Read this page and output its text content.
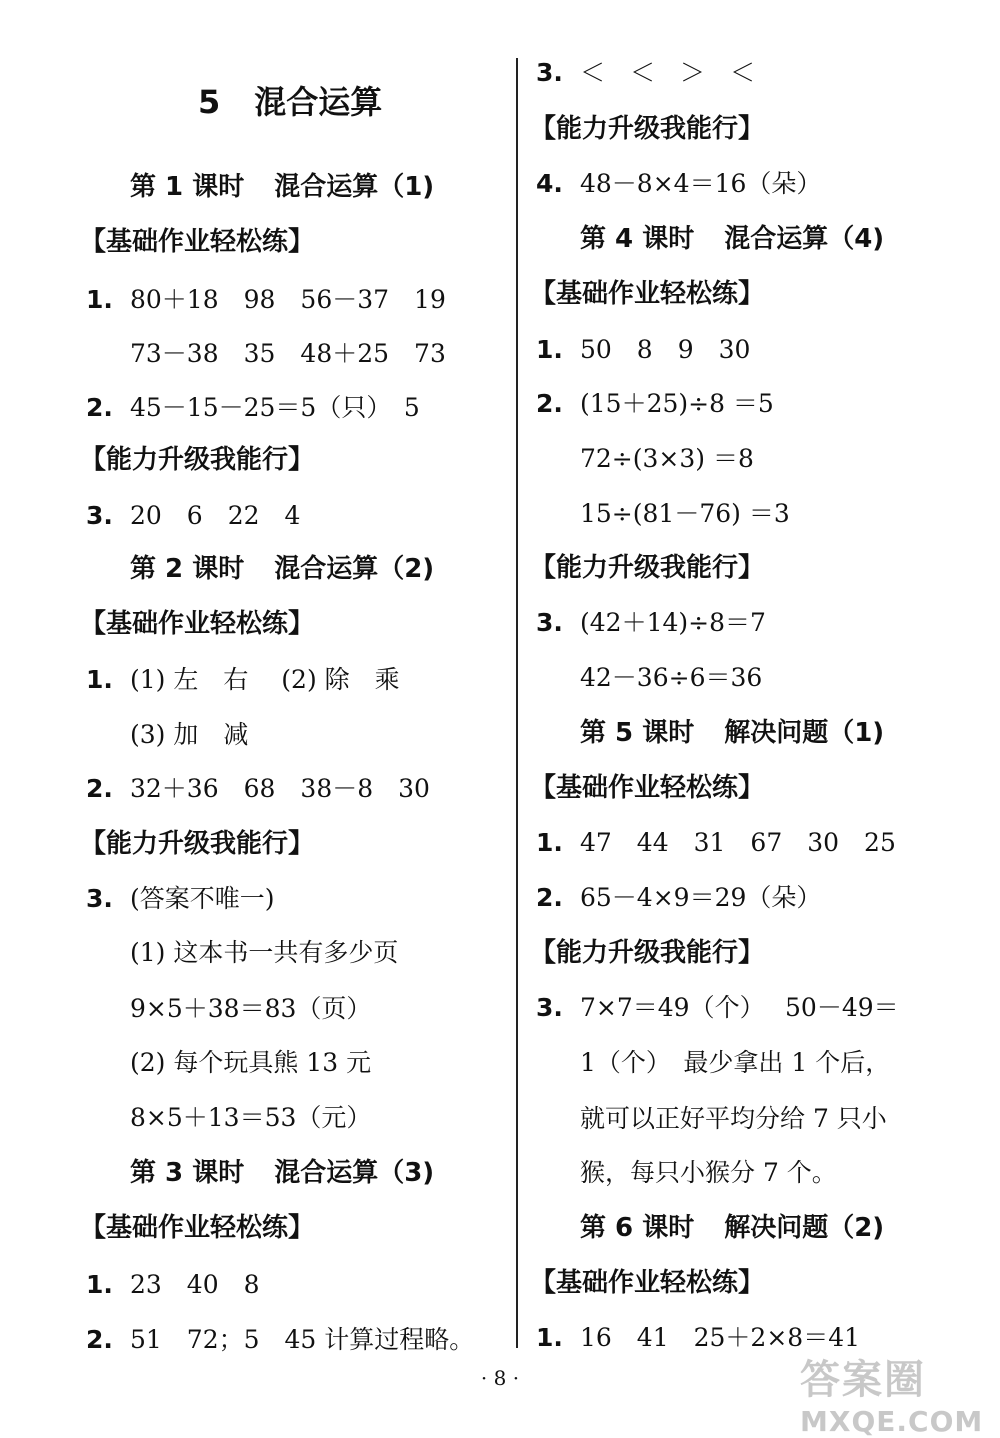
5 混合运算
第 1 课时 混合运算（1)
【基础作业轻松练】
1. 80＋18　98　56－37　19
73－38　35　48＋25　73
2. 45－15－25＝5（只）　5
【能力升级我能行】
3. 20　6　22　4
第 2 课时 混合运算（2)
【基础作业轻松练】
1. (1) 左　右　 (2) 除　乘
(3) 加　减
2. 32＋36　68　38－8　30
【能力升级我能行】
3. (答案不唯一)
(1) 这本书一共有多少页
9×5＋38＝83（页）
(2) 每个玩具熊 13 元
8×5＋13＝53（元）
第 3 课时 混合运算（3)
【基础作业轻松练】
1. 23　40　8
2. 51　72；5　45 计算过程略。
3. ＜　＜　＞　＜
【能力升级我能行】
4. 48－8×4＝16（朵）
第 4 课时 混合运算（4)
【基础作业轻松练】
1. 50　8　9　30
2. (15＋25)÷8 ＝5
72÷(3×3) ＝8
15÷(81－76) ＝3
【能力升级我能行】
3. (42＋14)÷8＝7
42－36÷6＝36
第 5 课时 解决问题（1)
【基础作业轻松练】
1. 47　44　31　67　30　25
2. 65－4×9＝29（朵）
【能力升级我能行】
3. 7×7＝49（个）　 50－49＝
1（个）　最少拿出 1 个后，
就可以正好平均分给 7 只小
猴，每只小猴分 7 个。
第 6 课时 解决问题（2)
【基础作业轻松练】
1. 16　41　25＋2×8＝41
· 8 ·	答案圈
MXQE.COM
